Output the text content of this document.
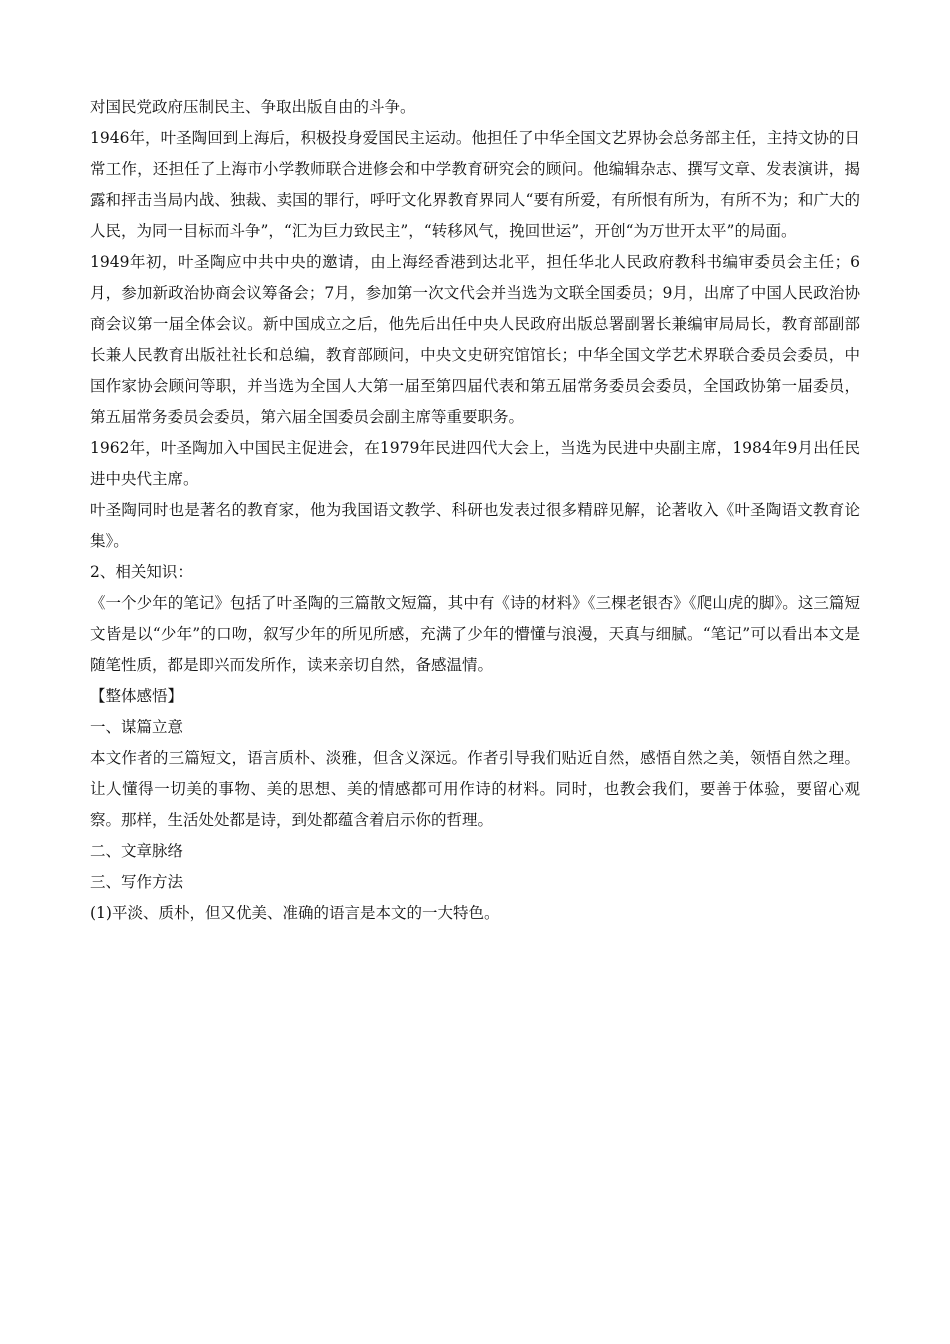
对国民党政府压制民主、争取出版自由的斗争。

1946年，叶圣陶回到上海后，积极投身爱国民主运动。他担任了中华全国文艺界协会总务部主任，主持文协的日常工作，还担任了上海市小学教师联合进修会和中学教育研究会的顾问。他编辑杂志、撰写文章、发表演讲，揭露和抨击当局内战、独裁、卖国的罪行，呼吁文化界教育界同人“要有所爱，有所恨有所为，有所不为；和广大的人民，为同一目标而斗争”，“汇为巨力致民主”，“转移风气，挽回世运”，开创“为万世开太平”的局面。

1949年初，叶圣陶应中共中央的邀请，由上海经香港到达北平，担任华北人民政府教科书编审委员会主任；6月，参加新政治协商会议筹备会；7月，参加第一次文代会并当选为文联全国委员；9月，出席了中国人民政治协商会议第一届全体会议。新中国成立之后，他先后出任中央人民政府出版总署副署长兼编审局局长，教育部副部长兼人民教育出版社社长和总编，教育部顾问，中央文史研究馆馆长；中华全国文学艺术界联合委员会委员，中国作家协会顾问等职，并当选为全国人大第一届至第四届代表和第五届常务委员会委员，全国政协第一届委员，第五届常务委员会委员，第六届全国委员会副主席等重要职务。

1962年，叶圣陶加入中国民主促进会，在1979年民进四代大会上，当选为民进中央副主席，1984年9月出任民进中央代主席。

叶圣陶同时也是著名的教育家，他为我国语文教学、科研也发表过很多精辟见解，论著收入《叶圣陶语文教育论集》。

2、相关知识：

《一个少年的笔记》包括了叶圣陶的三篇散文短篇，其中有《诗的材料》《三棵老银杏》《爬山虎的脚》。这三篇短文皆是以“少年”的口吻，叙写少年的所见所感，充满了少年的懵懂与浪漫，天真与细腻。“笔记”可以看出本文是随笔性质，都是即兴而发所作，读来亲切自然，备感温情。

【整体感悟】

一、谋篇立意

本文作者的三篇短文，语言质朴、淡雅，但含义深远。作者引导我们贴近自然，感悟自然之美，领悟自然之理。让人懂得一切美的事物、美的思想、美的情感都可用作诗的材料。同时，也教会我们，要善于体验，要留心观察。那样，生活处处都是诗，到处都蕴含着启示你的哲理。

二、文章脉络

三、写作方法

(1)平淡、质朴，但又优美、准确的语言是本文的一大特色。
